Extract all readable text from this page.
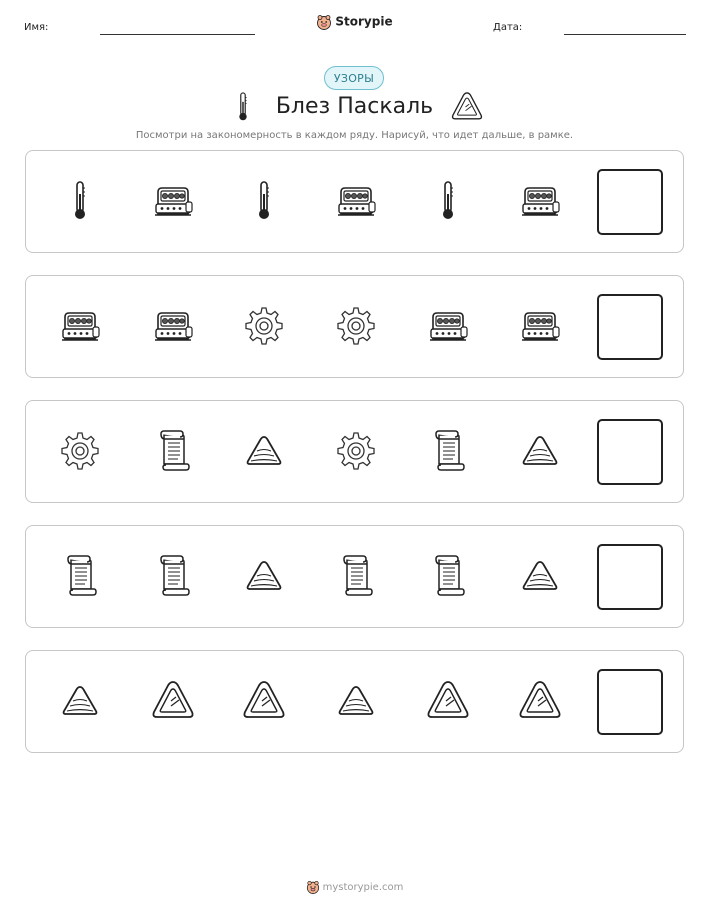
Имя:	Storypie	Дата:
УЗОРЫ
Блез Паскаль
Посмотри на закономерность в каждом ряду. Нарисуй, что идет дальше, в рамке.
mystorypie.com
